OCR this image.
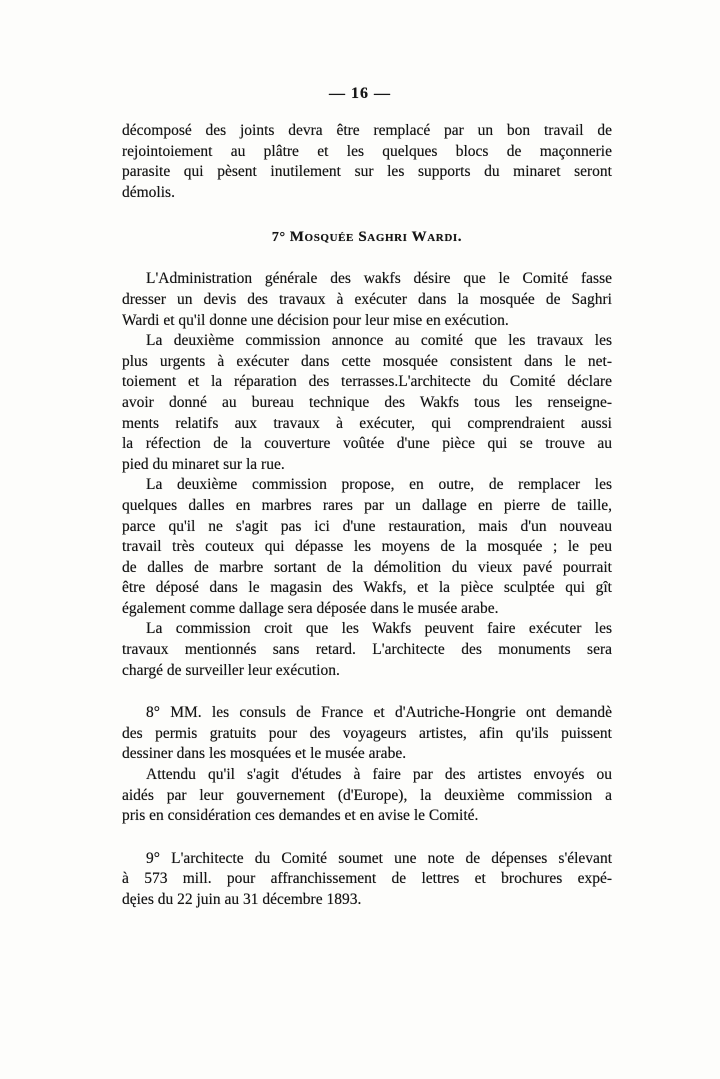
— 16 —
décomposé des joints devra être remplacé par un bon travail de
rejointoiement au plâtre et les quelques blocs de maçonnerie
parasite qui pèsent inutilement sur les supports du minaret seront
démolis.
7° Mosquée Saghri Wardi.
L'Administration générale des wakfs désire que le Comité fasse
dresser un devis des travaux à exécuter dans la mosquée de Saghri
Wardi et qu'il donne une décision pour leur mise en exécution.
La deuxième commission annonce au comité que les travaux les
plus urgents à exécuter dans cette mosquée consistent dans le net-
toiement et la réparation des terrasses.L'architecte du Comité déclare
avoir donné au bureau technique des Wakfs tous les renseigne-
ments relatifs aux travaux à exécuter, qui comprendraient aussi
la réfection de la couverture voûtée d'une pièce qui se trouve au
pied du minaret sur la rue.
La deuxième commission propose, en outre, de remplacer les
quelques dalles en marbres rares par un dallage en pierre de taille,
parce qu'il ne s'agit pas ici d'une restauration, mais d'un nouveau
travail très couteux qui dépasse les moyens de la mosquée ; le peu
de dalles de marbre sortant de la démolition du vieux pavé pourrait
être déposé dans le magasin des Wakfs, et la pièce sculptée qui gît
également comme dallage sera déposée dans le musée arabe.
La commission croit que les Wakfs peuvent faire exécuter les
travaux mentionnés sans retard. L'architecte des monuments sera
chargé de surveiller leur exécution.
8° MM. les consuls de France et d'Autriche-Hongrie ont demandè
des permis gratuits pour des voyageurs artistes, afin qu'ils puissent
dessiner dans les mosquées et le musée arabe.
Attendu qu'il s'agit d'études à faire par des artistes envoyés ou
aidés par leur gouvernement (d'Europe), la deuxième commission a
pris en considération ces demandes et en avise le Comité.
9° L'architecte du Comité soumet une note de dépenses s'élevant
à 573 mill. pour affranchissement de lettres et brochures expé-
dęies du 22 juin au 31 décembre 1893.
